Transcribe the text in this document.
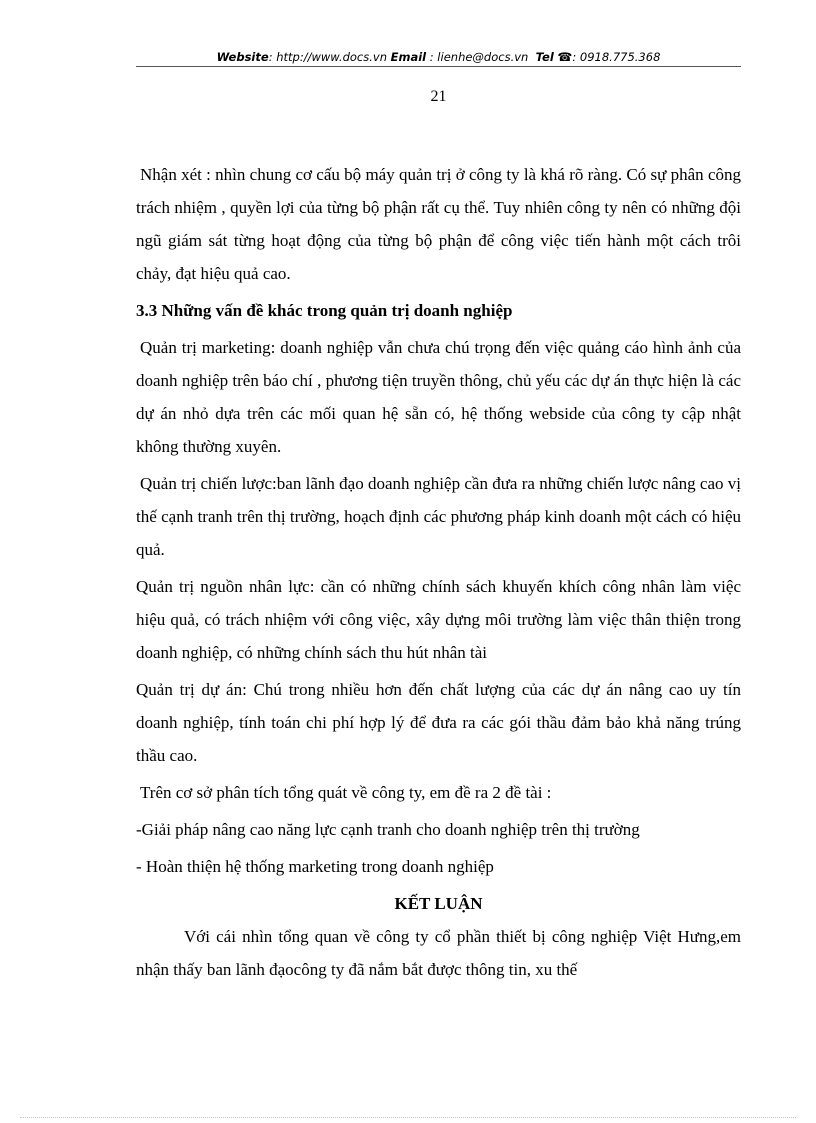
Website: http://www.docs.vn Email : lienhe@docs.vn Tel ☎: 0918.775.368
21

Nhận xét : nhìn chung cơ cấu bộ máy quản trị ở công ty là khá rõ ràng. Có sự phân công trách nhiệm , quyền lợi của từng bộ phận rất cụ thể. Tuy nhiên công ty nên có những đội ngũ giám sát từng hoạt động của từng bộ phận để công việc tiến hành một cách trôi chảy, đạt hiệu quả cao.

3.3 Những vấn đề khác trong quản trị doanh nghiệp

Quản trị marketing: doanh nghiệp vẫn chưa chú trọng đến việc quảng cáo hình ảnh của doanh nghiệp trên báo chí , phương tiện truyền thông, chủ yếu các dự án thực hiện là các dự án nhỏ dựa trên các mối quan hệ sẵn có, hệ thống webside của công ty cập nhật không thường xuyên.

Quản trị chiến lược:ban lãnh đạo doanh nghiệp cần đưa ra những chiến lược nâng cao vị thế cạnh tranh trên thị trường, hoạch định các phương pháp kinh doanh một cách có hiệu quả.

Quản trị nguồn nhân lực: cần có những chính sách khuyến khích công nhân làm việc hiệu quả, có trách nhiệm với công việc, xây dựng môi trường làm việc thân thiện trong doanh nghiệp, có những chính sách thu hút nhân tài

Quản trị dự án: Chú trong nhiều hơn đến chất lượng của các dự án nâng cao uy tín doanh nghiệp, tính toán chi phí hợp lý để đưa ra các gói thầu đảm bảo khả năng trúng thầu cao.

Trên cơ sở phân tích tổng quát về công ty, em đề ra 2 đề tài :

-Giải pháp nâng cao năng lực cạnh tranh cho doanh nghiệp trên thị trường

- Hoàn thiện hệ thống marketing trong doanh nghiệp

KẾT LUẬN

Với cái nhìn tổng quan về công ty cổ phần thiết bị công nghiệp Việt Hưng,em nhận thấy ban lãnh đạocông ty đã nắm bắt được thông tin, xu thế
